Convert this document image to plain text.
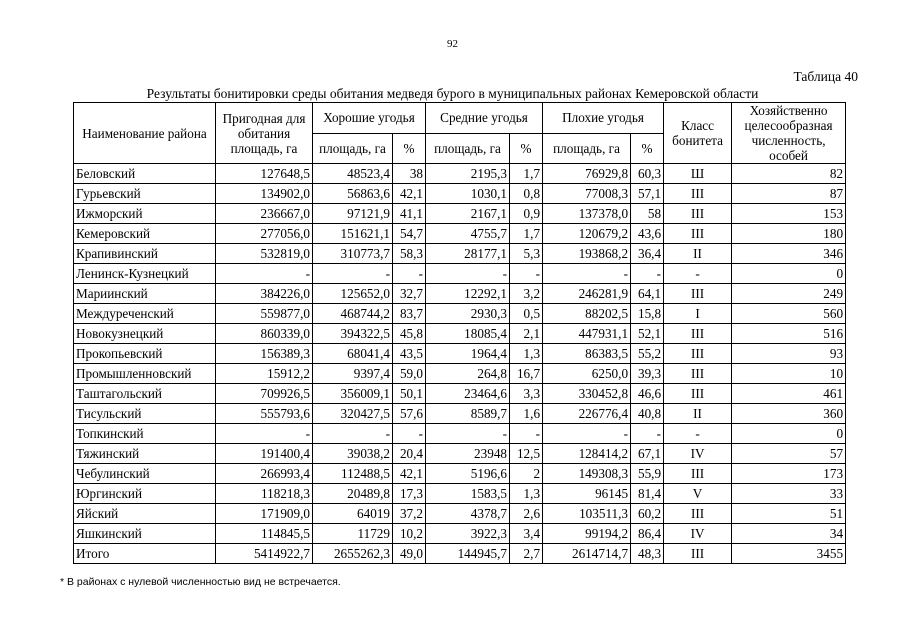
92
Таблица 40
Результаты бонитировки среды обитания медведя бурого в муниципальных районах Кемеровской области
Наименование района	Пригодная для обитания площадь, га	Хорошие угодья		Средние угодья		Плохие угодья		Класс бонитета	Хозяйственно целесообразная численность, особей
		площадь, га	%	площадь, га	%	площадь, га	%		
Беловский	127648,5	48523,4	38	2195,3	1,7	76929,8	60,3	Ш	82
Гурьевский	134902,0	56863,6	42,1	1030,1	0,8	77008,3	57,1	III	87
Ижморский	236667,0	97121,9	41,1	2167,1	0,9	137378,0	58	III	153
Кемеровский	277056,0	151621,1	54,7	4755,7	1,7	120679,2	43,6	III	180
Крапивинский	532819,0	310773,7	58,3	28177,1	5,3	193868,2	36,4	II	346
Ленинск-Кузнецкий	-	-	-	-	-	-	-	-	0
Мариинский	384226,0	125652,0	32,7	12292,1	3,2	246281,9	64,1	III	249
Междуреченский	559877,0	468744,2	83,7	2930,3	0,5	88202,5	15,8	I	560
Новокузнецкий	860339,0	394322,5	45,8	18085,4	2,1	447931,1	52,1	III	516
Прокопьевский	156389,3	68041,4	43,5	1964,4	1,3	86383,5	55,2	III	93
Промышленновский	15912,2	9397,4	59,0	264,8	16,7	6250,0	39,3	III	10
Таштагольский	709926,5	356009,1	50,1	23464,6	3,3	330452,8	46,6	III	461
Тисульский	555793,6	320427,5	57,6	8589,7	1,6	226776,4	40,8	II	360
Топкинский	-	-	-	-	-	-	-	-	0
Тяжинский	191400,4	39038,2	20,4	23948	12,5	128414,2	67,1	IV	57
Чебулинский	266993,4	112488,5	42,1	5196,6	2	149308,3	55,9	III	173
Юргинский	118218,3	20489,8	17,3	1583,5	1,3	96145	81,4	V	33
Яйский	171909,0	64019	37,2	4378,7	2,6	103511,3	60,2	III	51
Яшкинский	114845,5	11729	10,2	3922,3	3,4	99194,2	86,4	IV	34
Итого	5414922,7	2655262,3	49,0	144945,7	2,7	2614714,7	48,3	III	3455
* В районах с нулевой численностью вид не встречается.
